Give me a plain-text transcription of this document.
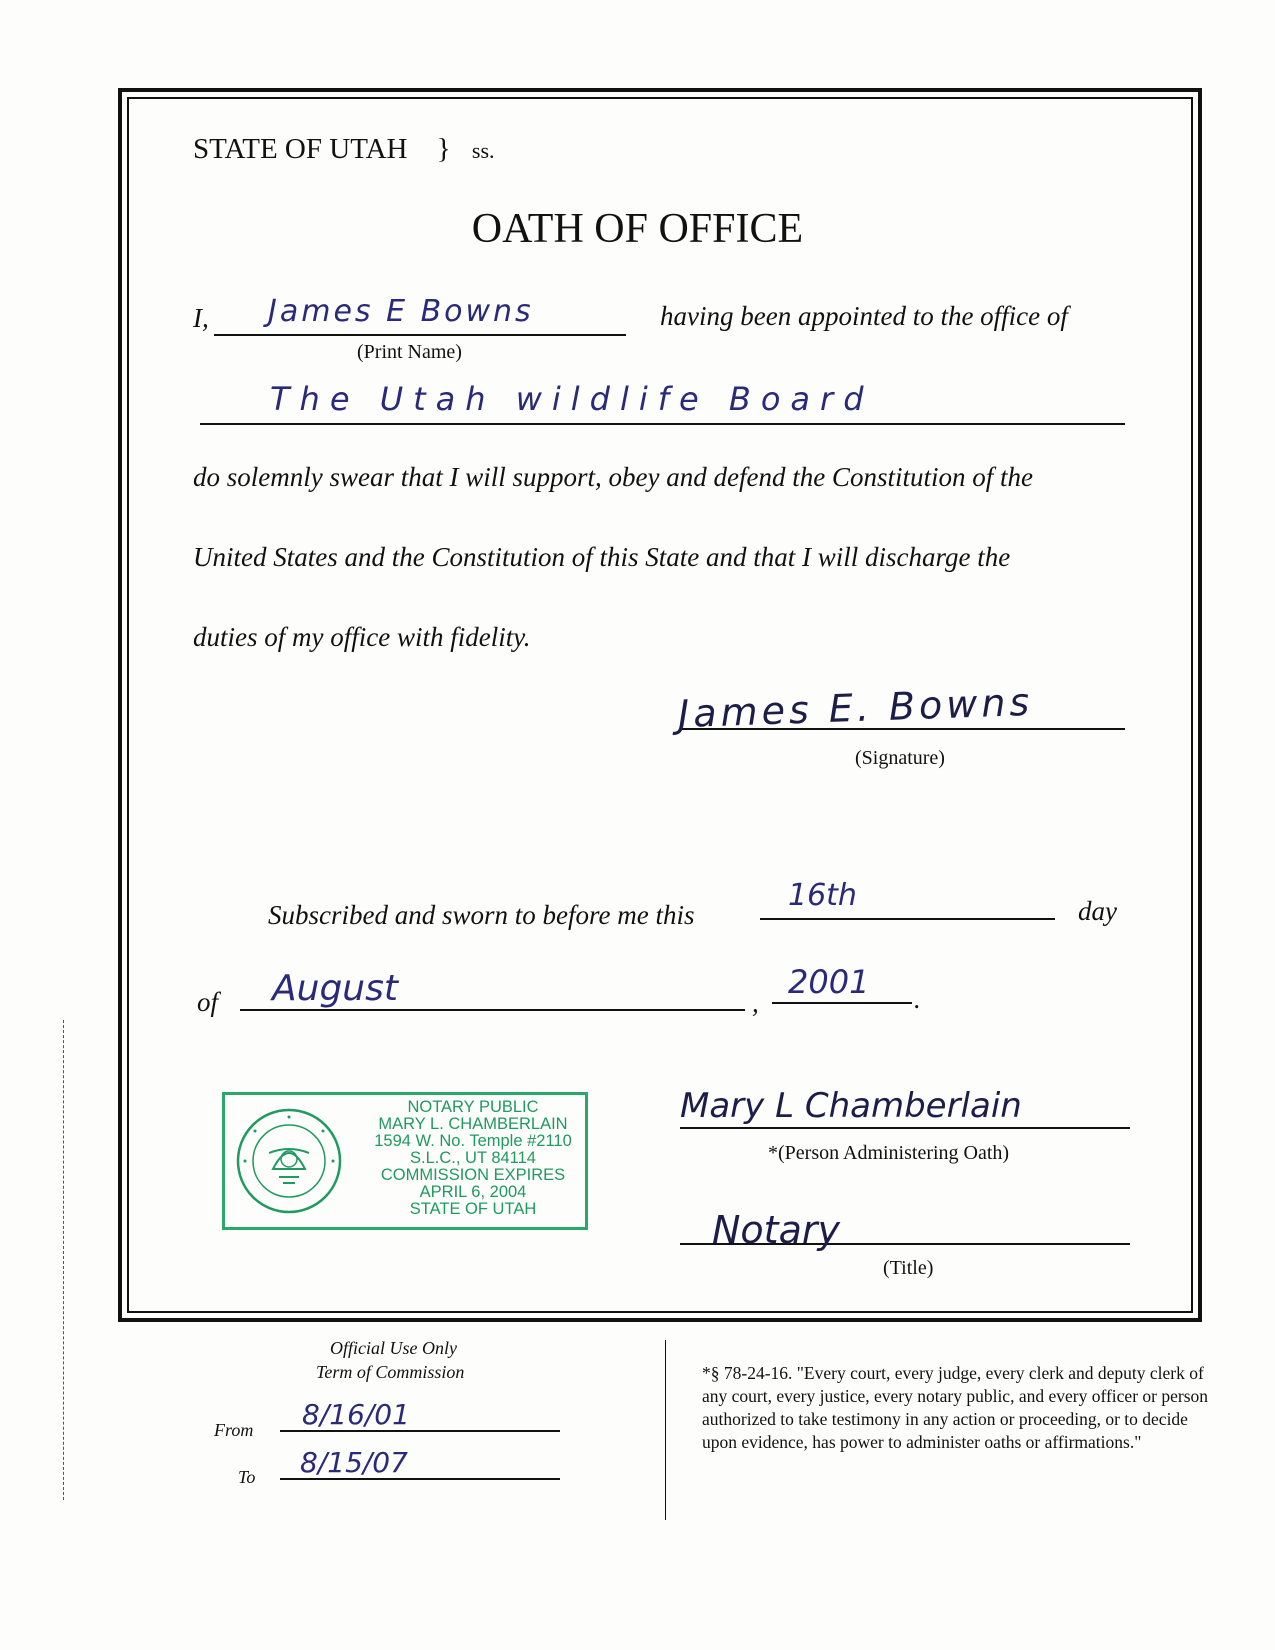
STATE OF UTAH } ss.
OATH OF OFFICE
I, James E Bowns
(Print Name)
having been appointed to the office of
The Utah wildlife Board
do solemnly swear that I will support, obey and defend the Constitution of the
United States and the Constitution of this State and that I will discharge the
duties of my office with fidelity.
James E. Bowns
(Signature)
Subscribed and sworn to before me this
16th	day
of August	,
2001 .
NOTARY PUBLIC
MARY L. CHAMBERLAIN
1594 W. No. Temple #2110
S.L.C., UT 84114
COMMISSION EXPIRES
APRIL 6, 2004
STATE OF UTAH
Mary L Chamberlain
*(Person Administering Oath)
Notary
(Title)
Official Use Only
Term of Commission
From 8/16/01
To 8/15/07
*§ 78-24-16. "Every court, every judge, every clerk and deputy clerk of any court, every justice, every notary public, and every officer or person authorized to take testimony in any action or proceeding, or to decide upon evidence, has power to administer oaths or affirmations."
